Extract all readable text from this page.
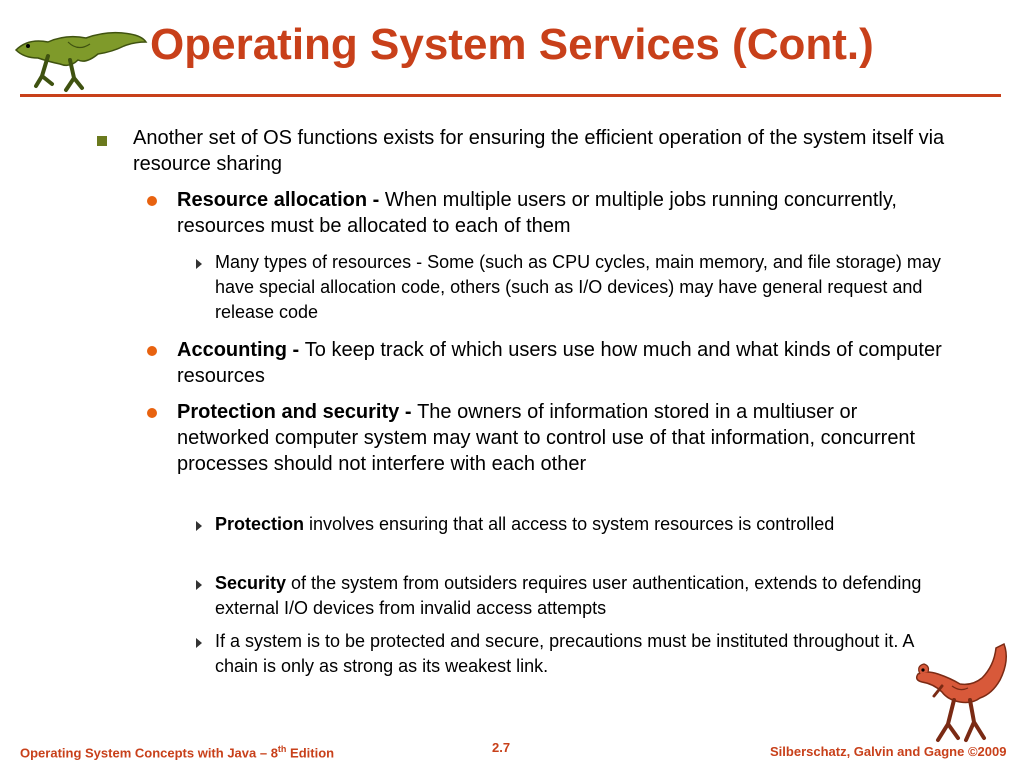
Operating System Services (Cont.)

Another set of OS functions exists for ensuring the efficient operation of the system itself via resource sharing

Resource allocation - When multiple users or multiple jobs running concurrently, resources must be allocated to each of them

Many types of resources - Some (such as CPU cycles, main memory, and file storage) may have special allocation code, others (such as I/O devices) may have general request and release code

Accounting - To keep track of which users use how much and what kinds of computer resources

Protection and security - The owners of information stored in a multiuser or networked computer system may want to control use of that information, concurrent processes should not interfere with each other

Protection involves ensuring that all access to system resources is controlled

Security of the system from outsiders requires user authentication, extends to defending external I/O devices from invalid access attempts

If a system is to be protected and secure, precautions must be instituted throughout it. A chain is only as strong as its weakest link.

Operating System Concepts with Java – 8th Edition	2.7	Silberschatz, Galvin and Gagne ©2009
